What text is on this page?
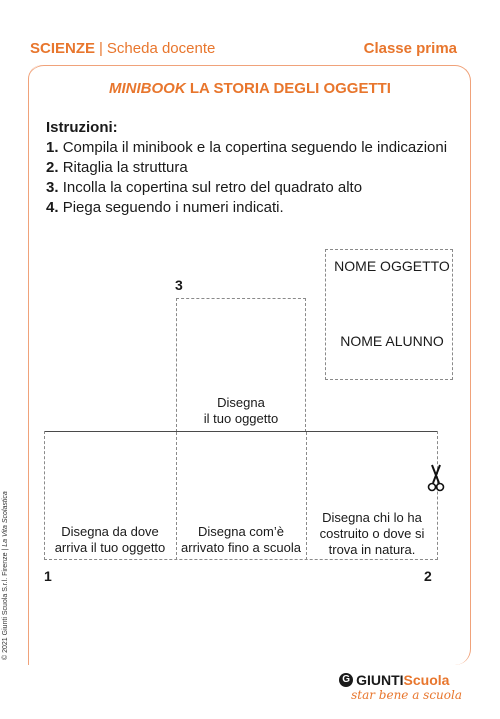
SCIENZE | Scheda docente	Classe prima
MINIBOOK LA STORIA DEGLI OGGETTI
Istruzioni:
1. Compila il minibook e la copertina seguendo le indicazioni
2. Ritaglia la struttura
3. Incolla la copertina sul retro del quadrato alto
4. Piega seguendo i numeri indicati.
NOME OGGETTO
NOME ALUNNO
3
Disegna
il tuo oggetto
Disegna da dove
arriva il tuo oggetto
Disegna com’è
arrivato fino a scuola
Disegna chi lo ha
costruito o dove si
trova in natura.
1	2
© 2021 Giunti Scuola S.r.l. Firenze | La Vita Scolastica
G GIUNTI Scuola
star bene a scuola
